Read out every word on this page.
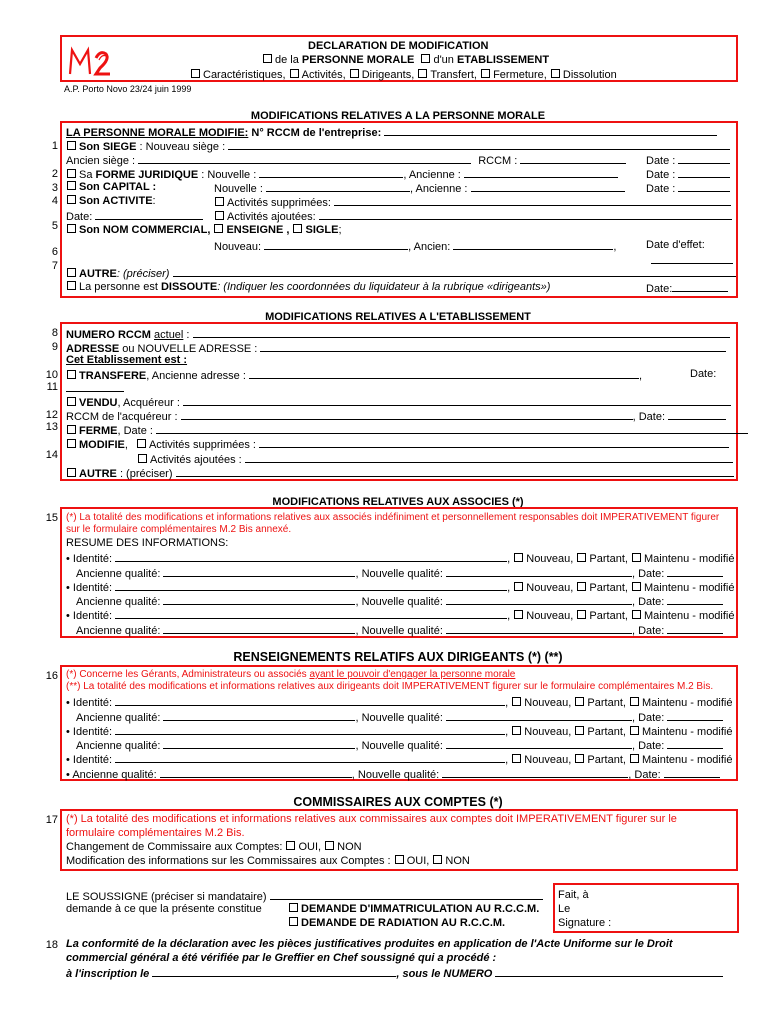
DECLARATION DE MODIFICATION
de la PERSONNE MORALE d'un ETABLISSEMENT
Caractéristiques, Activités, Dirigeants, Transfert, Fermeture, Dissolution
A.P. Porto Novo 23/24 juin 1999
MODIFICATIONS RELATIVES A LA PERSONNE MORALE
1
2
3
4
5
6
7
LA PERSONNE MORALE MODIFIE: N° RCCM de l'entreprise:
Son SIEGE : Nouveau siège :
Ancien siège :	RCCM :	Date :
Sa FORME JURIDIQUE : Nouvelle :	, Ancienne :	Date :
Son CAPITAL :	Nouvelle :	, Ancienne :	Date :
Son ACTIVITE:	Activités supprimées:
Date:	Activités ajoutées:
Son NOM COMMERCIAL, ENSEIGNE , SIGLE;
Nouveau:	, Ancien:	,	Date d'effet:
AUTRE: (préciser)
La personne est DISSOUTE: (Indiquer les coordonnées du liquidateur à la rubrique «dirigeants»)	Date:
MODIFICATIONS RELATIVES A L'ETABLISSEMENT
8
9
10
11
12
13
14
NUMERO RCCM actuel :
ADRESSE ou NOUVELLE ADRESSE :
Cet Etablissement est :
TRANSFERE, Ancienne adresse :	,	Date:
VENDU, Acquéreur :
RCCM de l'acquéreur :	, Date:
FERME, Date :
MODIFIE, Activités supprimées :
Activités ajoutées :
AUTRE : (préciser)
MODIFICATIONS RELATIVES AUX ASSOCIES (*)
15 (*) La totalité des modifications et informations relatives aux associés indéfiniment et personnellement responsables doit IMPERATIVEMENT figurer
sur le formulaire complémentaires M.2 Bis annexé.
RESUME DES INFORMATIONS:
• Identité:	, Nouveau, Partant, Maintenu - modifié
Ancienne qualité:	, Nouvelle qualité:	, Date:
• Identité:	, Nouveau, Partant, Maintenu - modifié
Ancienne qualité:	, Nouvelle qualité:	, Date:
• Identité:	, Nouveau, Partant, Maintenu - modifié
Ancienne qualité:	, Nouvelle qualité:	, Date:
RENSEIGNEMENTS RELATIFS AUX DIRIGEANTS (*) (**)
16 (*) Concerne les Gérants, Administrateurs ou associés ayant le pouvoir d'engager la personne morale
(**) La totalité des modifications et informations relatives aux dirigeants doit IMPERATIVEMENT figurer sur le formulaire complémentaires M.2 Bis.
• Identité:	, Nouveau, Partant, Maintenu - modifié
Ancienne qualité:	, Nouvelle qualité:	, Date:
• Identité:	, Nouveau, Partant, Maintenu - modifié
Ancienne qualité:	, Nouvelle qualité:	, Date:
• Identité:	, Nouveau, Partant, Maintenu - modifié
• Ancienne qualité:	, Nouvelle qualité:	, Date:
COMMISSAIRES AUX COMPTES (*)
17 (*) La totalité des modifications et informations relatives aux commissaires aux comptes doit IMPERATIVEMENT figurer sur le
formulaire complémentaires M.2 Bis.
Changement de Commissaire aux Comptes: OUI, NON
Modification des informations sur les Commissaires aux Comptes : OUI, NON
LE SOUSSIGNE (préciser si mandataire)
demande à ce que la présente constitue	DEMANDE D'IMMATRICULATION AU R.C.C.M.
DEMANDE DE RADIATION AU R.C.C.M.
Fait, à
Le
Signature :
18 La conformité de la déclaration avec les pièces justificatives produites en application de l'Acte Uniforme sur le Droit
commercial général a été vérifiée par le Greffier en Chef soussigné qui a procédé :
à l'inscription le	, sous le NUMERO
